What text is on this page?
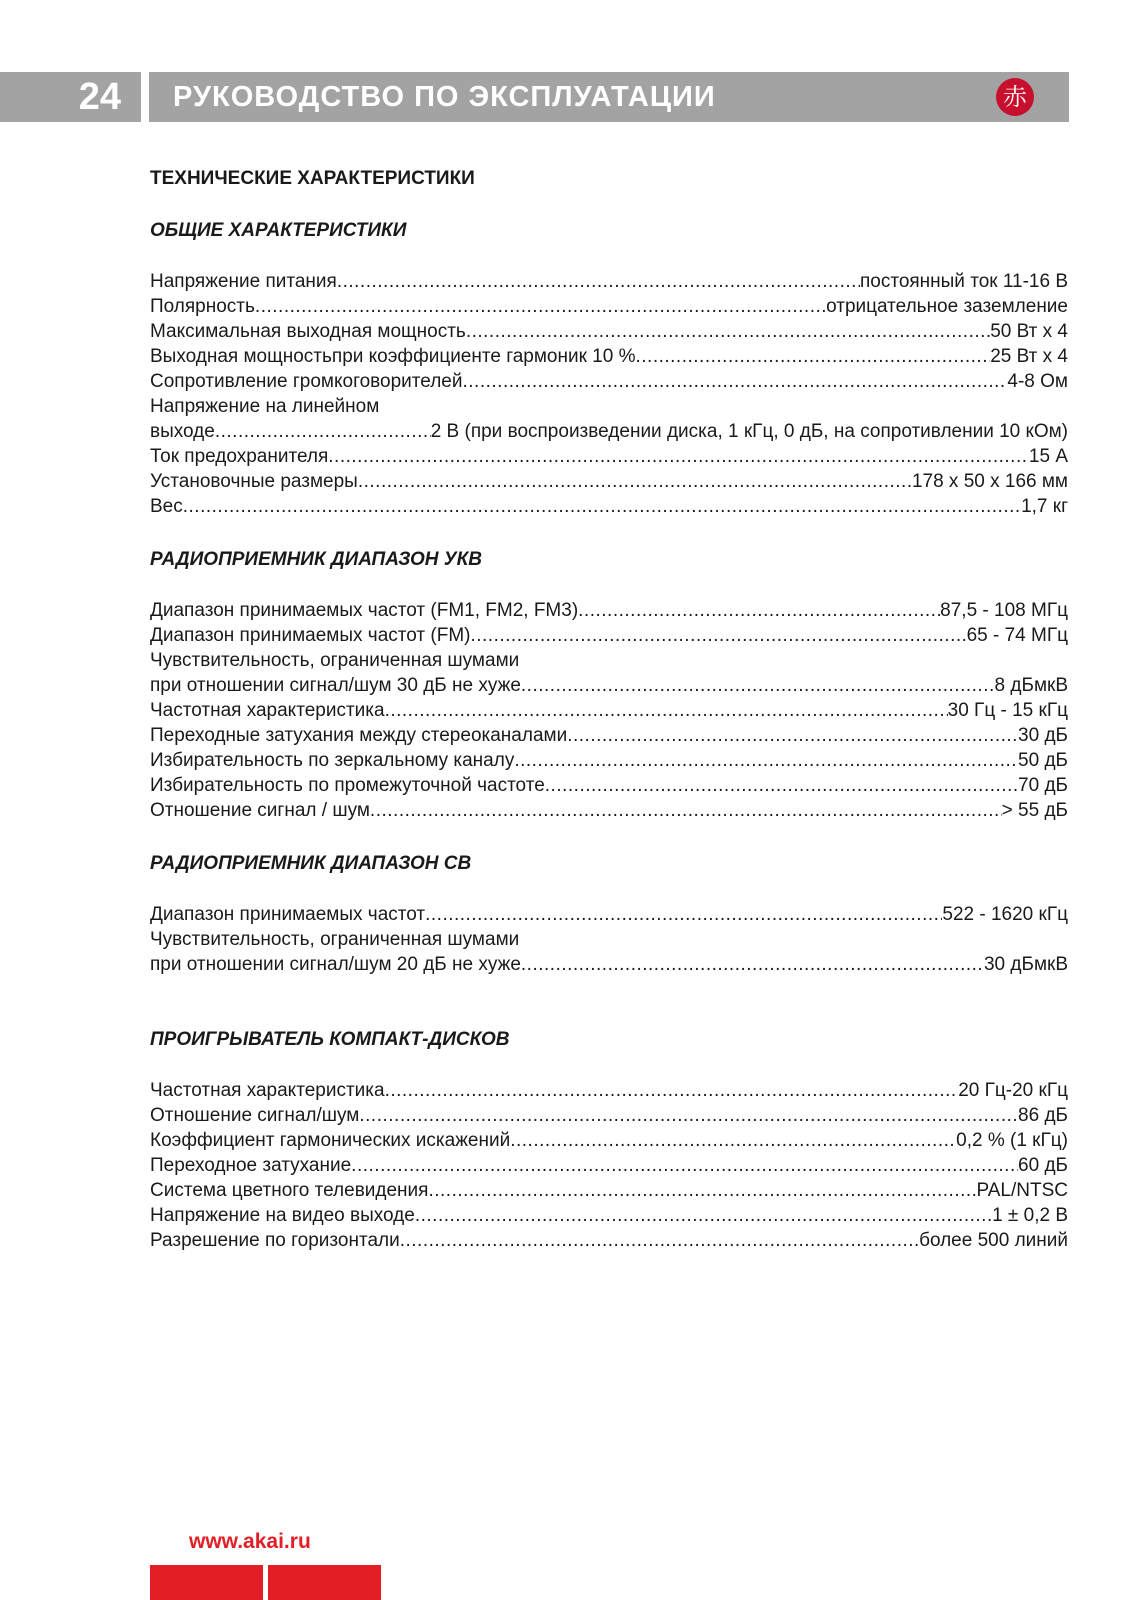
24	РУКОВОДСТВО ПО ЭКСПЛУАТАЦИИ	赤
ТЕХНИЧЕСКИЕ ХАРАКТЕРИСТИКИ
ОБЩИЕ ХАРАКТЕРИСТИКИ
Напряжение питания .....	постоянный ток 11-16 В
Полярность .....	отрицательное заземление
Максимальная выходная мощность .....	50 Вт х 4
Выходная мощностьпри коэффициенте гармоник 10 % .....	25 Вт х 4
Сопротивление громкоговорителей .....	4-8 Ом
Напряжение на линейном
выходе .....	2 В (при воспроизведении диска, 1 кГц, 0 дБ, на сопротивлении 10 кОм)
Ток предохранителя .....	15 А
Установочные размеры .....	178 х 50 х 166 мм
Вес .....	1,7 кг
РАДИОПРИЕМНИК ДИАПАЗОН УКВ
Диапазон принимаемых частот (FM1, FM2, FM3) .....	87,5 - 108 МГц
Диапазон принимаемых частот (FM) .....	65 - 74 МГц
Чувствительность, ограниченная шумами
при отношении сигнал/шум 30 дБ не хуже .....	8 дБмкВ
Частотная характеристика .....	30 Гц - 15 кГц
Переходные затухания между стереоканалами .....	30 дБ
Избирательность по зеркальному каналу .....	50 дБ
Избирательность по промежуточной частоте .....	70 дБ
Отношение сигнал / шум .....	> 55 дБ
РАДИОПРИЕМНИК ДИАПАЗОН СВ
Диапазон принимаемых частот .....	522 - 1620 кГц
Чувствительность, ограниченная шумами
при отношении сигнал/шум 20 дБ не хуже .....	30 дБмкВ
ПРОИГРЫВАТЕЛЬ КОМПАКТ-ДИСКОВ
Частотная характеристика .....	20 Гц-20 кГц
Отношение сигнал/шум .....	86 дБ
Коэффициент гармонических искажений .....	0,2 % (1 кГц)
Переходное затухание .....	60 дБ
Система цветного телевидения .....	PAL/NTSC
Напряжение на видео выходе .....	1 ± 0,2 В
Разрешение по горизонтали .....	более 500 линий
www.akai.ru
